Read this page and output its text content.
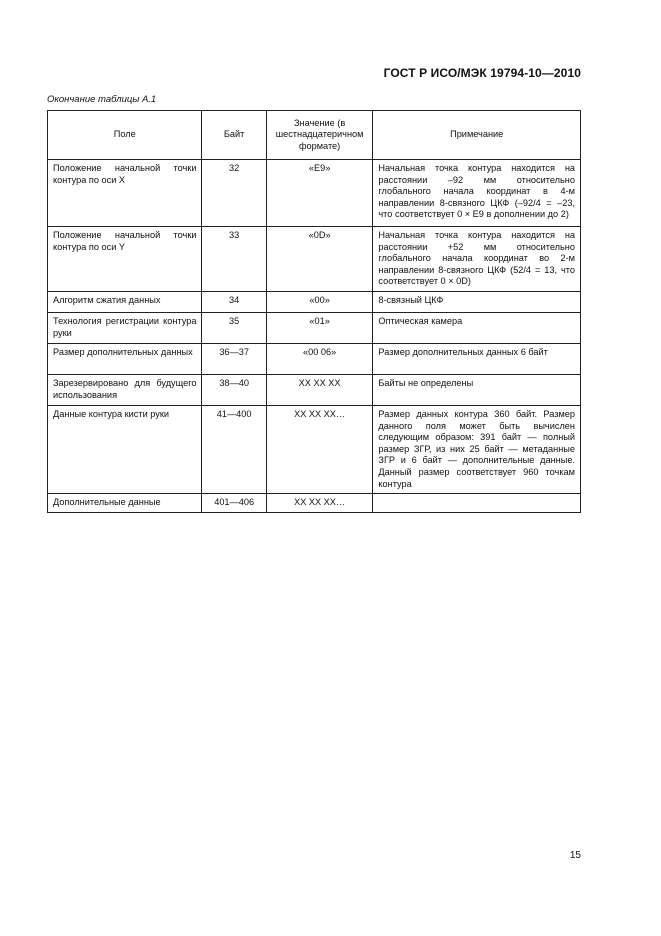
ГОСТ Р ИСО/МЭК 19794-10—2010
Окончание таблицы А.1
Поле	Байт	Значение (в шестнадцатеричном формате)	Примечание
Положение начальной точки контура по оси X	32	«E9»	Начальная точка контура находится на расстоянии –92 мм относительно глобального начала координат в 4-м направлении 8-связного ЦКФ (–92/4 = –23, что соответствует 0 × E9 в дополнении до 2)
Положение начальной точки контура по оси Y	33	«0D»	Начальная точка контура находится на расстоянии +52 мм относительно глобального начала координат во 2-м направлении 8-связного ЦКФ (52/4 = 13, что соответствует 0 × 0D)
Алгоритм сжатия данных	34	«00»	8-связный ЦКФ
Технология регистрации контура руки	35	«01»	Оптическая камера
Размер дополнительных данных	36—37	«00 06»	Размер дополнительных данных 6 байт
Зарезервировано для будущего использования	38—40	XX XX XX	Байты не определены
Данные контура кисти руки	41—400	XX XX XX…	Размер данных контура 360 байт. Размер данного поля может быть вычислен следующим образом: 391 байт — полный размер ЗГР, из них 25 байт — метаданные ЗГР и 6 байт — дополнительные данные. Данный размер соответствует 960 точкам контура
Дополнительные данные	401—406	XX XX XX…	
15
